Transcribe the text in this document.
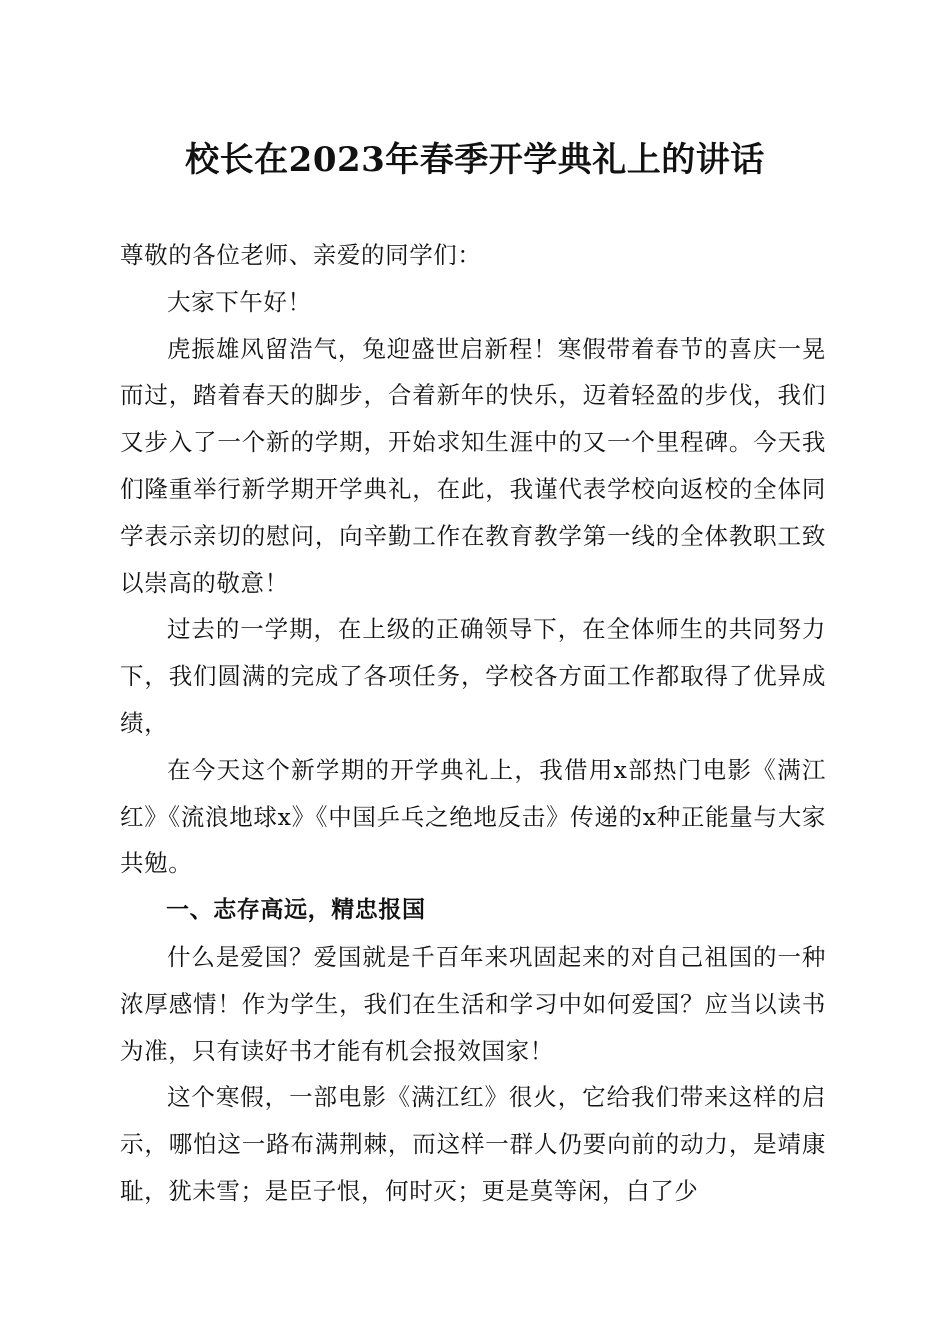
校长在2023年春季开学典礼上的讲话

尊敬的各位老师、亲爱的同学们：

大家下午好！

虎振雄风留浩气，兔迎盛世启新程！寒假带着春节的喜庆一晃而过，踏着春天的脚步，合着新年的快乐，迈着轻盈的步伐，我们又步入了一个新的学期，开始求知生涯中的又一个里程碑。今天我们隆重举行新学期开学典礼，在此，我谨代表学校向返校的全体同学表示亲切的慰问，向辛勤工作在教育教学第一线的全体教职工致以崇高的敬意！

过去的一学期，在上级的正确领导下，在全体师生的共同努力下，我们圆满的完成了各项任务，学校各方面工作都取得了优异成绩，

在今天这个新学期的开学典礼上，我借用x部热门电影《满江红》《流浪地球x》《中国乒乓之绝地反击》传递的x种正能量与大家共勉。

一、志存高远，精忠报国

什么是爱国？爱国就是千百年来巩固起来的对自己祖国的一种浓厚感情！作为学生，我们在生活和学习中如何爱国？应当以读书为准，只有读好书才能有机会报效国家！

这个寒假，一部电影《满江红》很火，它给我们带来这样的启示，哪怕这一路布满荆棘，而这样一群人仍要向前的动力，是靖康耻，犹未雪；是臣子恨，何时灭；更是莫等闲，白了少
